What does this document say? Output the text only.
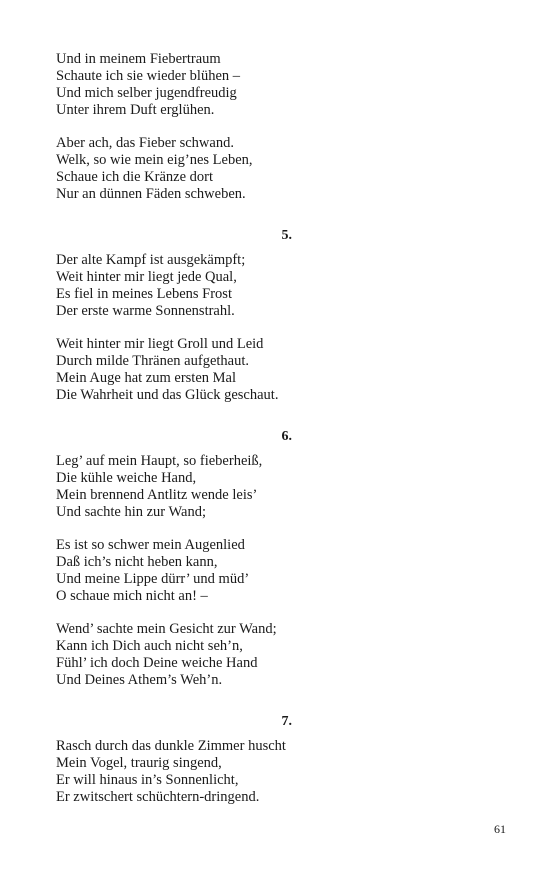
Und in meinem Fiebertraum
Schaute ich sie wieder blühen –
Und mich selber jugendfreudig
Unter ihrem Duft erglühen.
Aber ach, das Fieber schwand.
Welk, so wie mein eig’nes Leben,
Schaue ich die Kränze dort
Nur an dünnen Fäden schweben.
5.
Der alte Kampf ist ausgekämpft;
Weit hinter mir liegt jede Qual,
Es fiel in meines Lebens Frost
Der erste warme Sonnenstrahl.
Weit hinter mir liegt Groll und Leid
Durch milde Thränen aufgethaut.
Mein Auge hat zum ersten Mal
Die Wahrheit und das Glück geschaut.
6.
Leg’ auf mein Haupt, so fieberheiß,
Die kühle weiche Hand,
Mein brennend Antlitz wende leis’
Und sachte hin zur Wand;
Es ist so schwer mein Augenlied
Daß ich’s nicht heben kann,
Und meine Lippe dürr’ und müd’
O schaue mich nicht an! –
Wend’ sachte mein Gesicht zur Wand;
Kann ich Dich auch nicht seh’n,
Fühl’ ich doch Deine weiche Hand
Und Deines Athem’s Weh’n.
7.
Rasch durch das dunkle Zimmer huscht
Mein Vogel, traurig singend,
Er will hinaus in’s Sonnenlicht,
Er zwitschert schüchtern-dringend.
61
